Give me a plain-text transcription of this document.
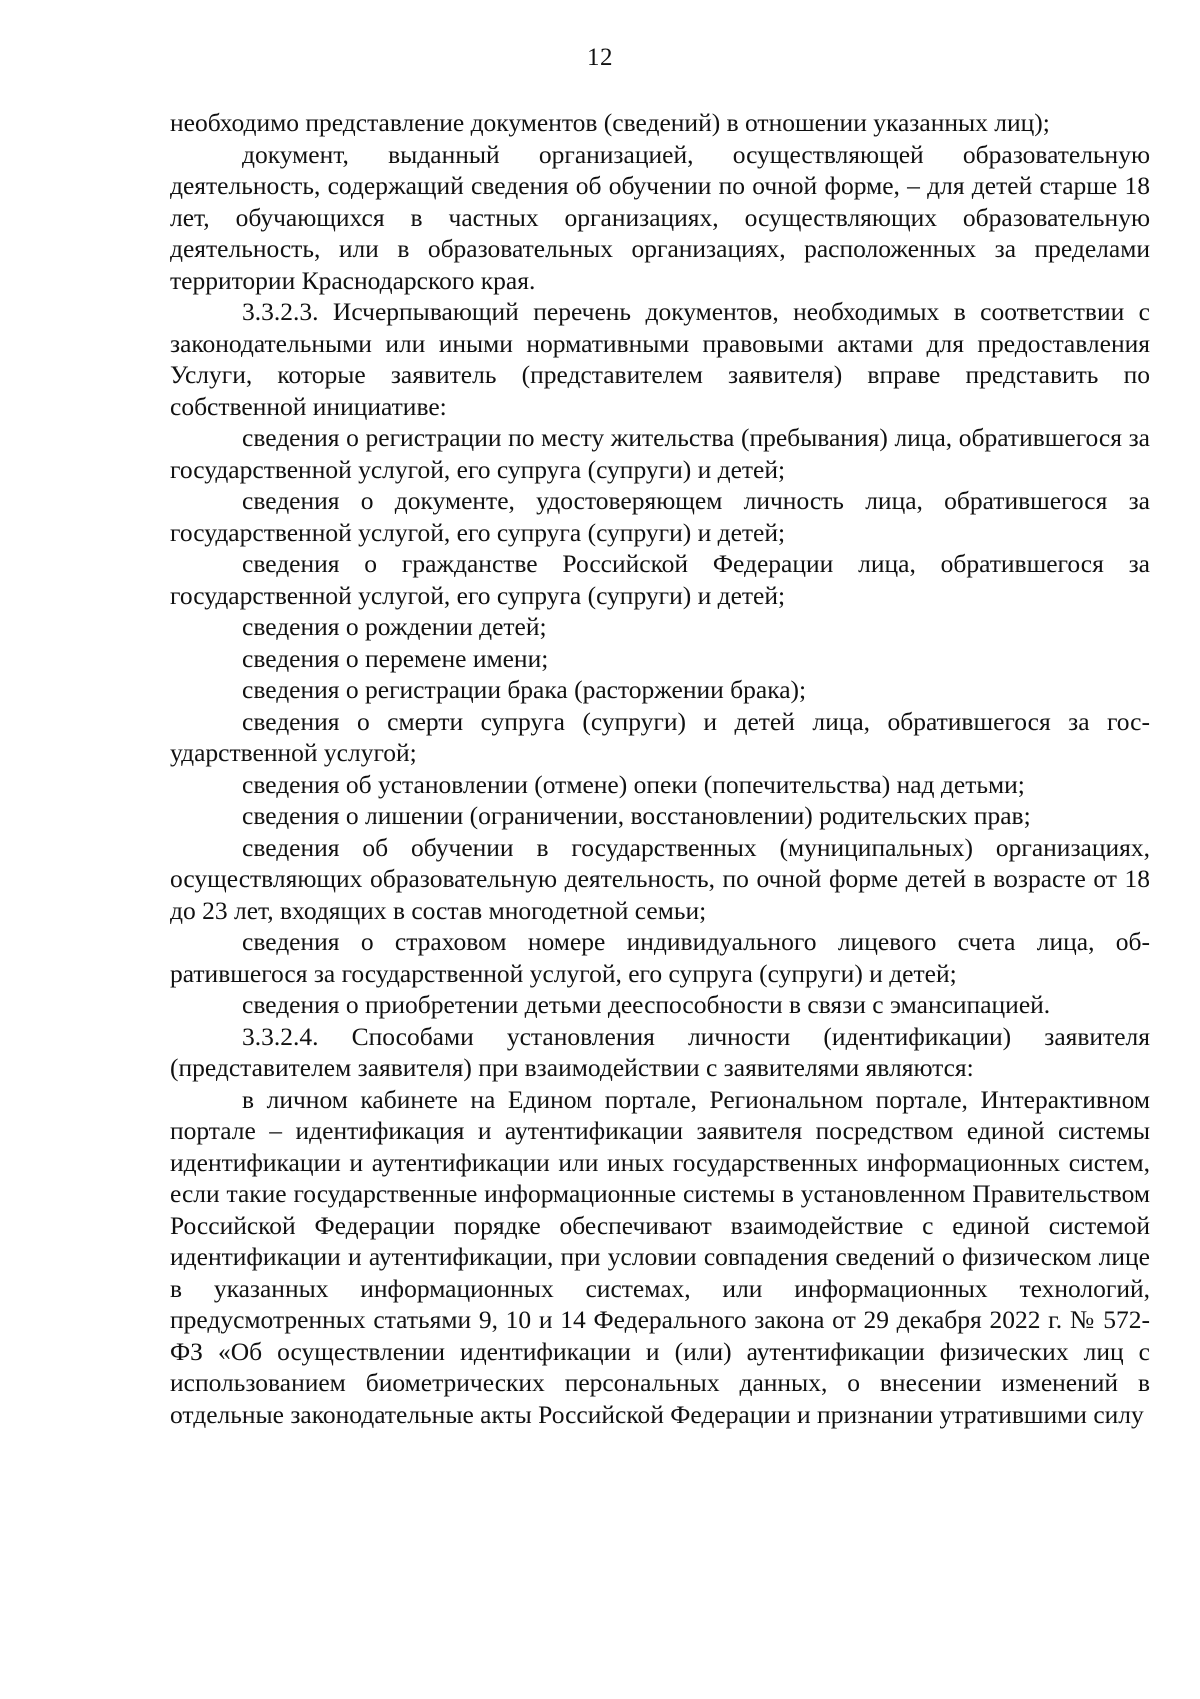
12
необходимо представление документов (сведений) в отношении указанных лиц);
документ, выданный организацией, осуществляющей образовательную деятельность, содержащий сведения об обучении по очной форме, – для детей старше 18 лет, обучающихся в частных организациях, осуществляющих образовательную деятельность, или в образовательных организациях, расположенных за пределами территории Краснодарского края.
3.3.2.3. Исчерпывающий перечень документов, необходимых в соответствии с законодательными или иными нормативными правовыми актами для предоставления Услуги, которые заявитель (представителем заявителя) вправе представить по собственной инициативе:
сведения о регистрации по месту жительства (пребывания) лица, обратившегося за государственной услугой, его супруга (супруги) и детей;
сведения о документе, удостоверяющем личность лица, обратившегося за государственной услугой, его супруга (супруги) и детей;
сведения о гражданстве Российской Федерации лица, обратившегося за государственной услугой, его супруга (супруги) и детей;
сведения о рождении детей;
сведения о перемене имени;
сведения о регистрации брака (расторжении брака);
сведения о смерти супруга (супруги) и детей лица, обратившегося за государственной услугой;
сведения об установлении (отмене) опеки (попечительства) над детьми;
сведения о лишении (ограничении, восстановлении) родительских прав;
сведения об обучении в государственных (муниципальных) организациях, осуществляющих образовательную деятельность, по очной форме детей в возрасте от 18 до 23 лет, входящих в состав многодетной семьи;
сведения о страховом номере индивидуального лицевого счета лица, обратившегося за государственной услугой, его супруга (супруги) и детей;
сведения о приобретении детьми дееспособности в связи с эмансипацией.
3.3.2.4. Способами установления личности (идентификации) заявителя (представителем заявителя) при взаимодействии с заявителями являются:
в личном кабинете на Едином портале, Региональном портале, Интерактивном портале – идентификация и аутентификации заявителя посредством единой системы идентификации и аутентификации или иных государственных информационных систем, если такие государственные информационные системы в установленном Правительством Российской Федерации порядке обеспечивают взаимодействие с единой системой идентификации и аутентификации, при условии совпадения сведений о физическом лице в указанных информационных системах, или информационных технологий, предусмотренных статьями 9, 10 и 14 Федерального закона от 29 декабря 2022 г. № 572-ФЗ «Об осуществлении идентификации и (или) аутентификации физических лиц с использованием биометрических персональных данных, о внесении изменений в отдельные законодательные акты Российской Федерации и признании утратившими силу
